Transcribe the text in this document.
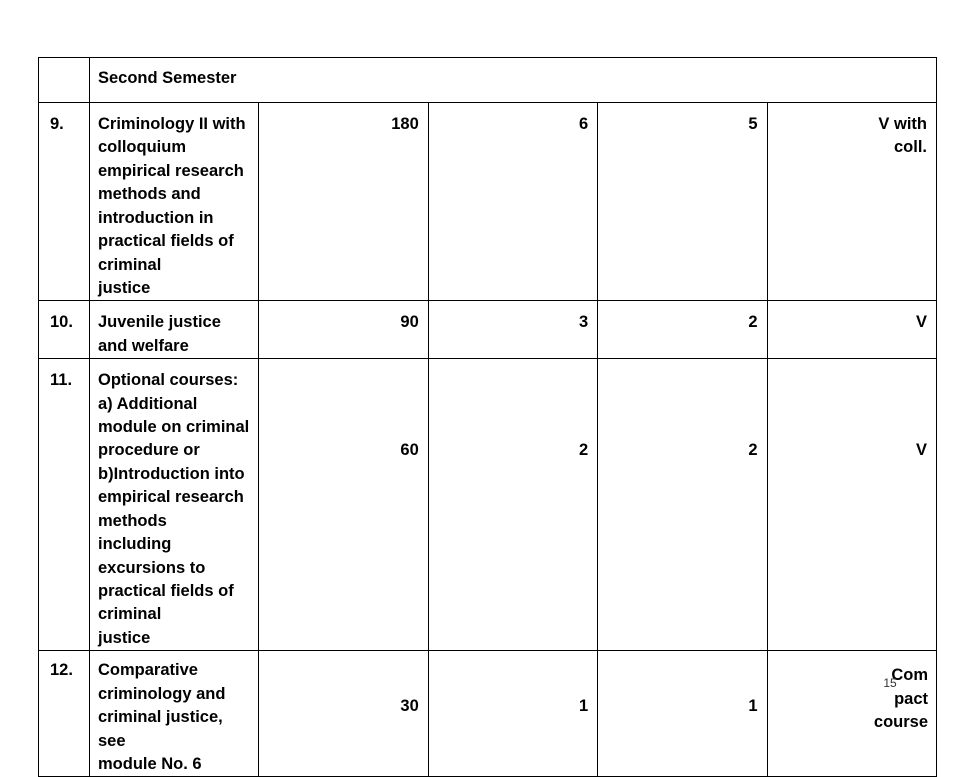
	Second Semester				

9.	Criminology II with colloquium empirical research
methods and introduction in practical fields of criminal
justice	180	6	5	V with
coll.

10.	Juvenile justice and welfare	90	3	2	V

11.	Optional courses:
a) Additional module on criminal procedure or
b)Introduction into empirical research methods
including excursions to practical fields of criminal
justice	60	2	2	V

12.	Comparative criminology and criminal justice, see
module No. 6	30	1	1	Com
pact
course
15
